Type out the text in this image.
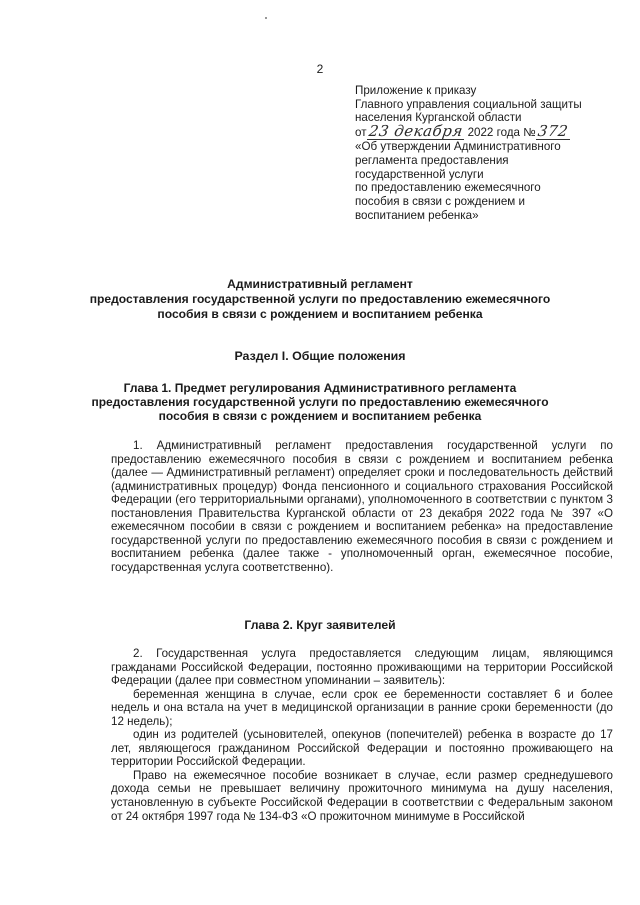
2
Приложение к приказу
Главного управления социальной защиты
населения Курганской области
от23 декабря 2022 года №372
«Об утверждении Административного
регламента предоставления
государственной услуги
по предоставлению ежемесячного
пособия в связи с рождением и
воспитанием ребенка»
Административный регламент
предоставления государственной услуги по предоставлению ежемесячного
пособия в связи с рождением и воспитанием ребенка
Раздел I. Общие положения
Глава 1. Предмет регулирования Административного регламента
предоставления государственной услуги по предоставлению ежемесячного
пособия в связи с рождением и воспитанием ребенка

1. Административный регламент предоставления государственной услуги по предоставлению ежемесячного пособия в связи с рождением и воспитанием ребенка (далее — Административный регламент) определяет сроки и последовательность действий (административных процедур) Фонда пенсионного и социального страхования Российской Федерации (его территориальными органами), уполномоченного в соответствии с пунктом 3 постановления Правительства Курганской области от 23 декабря 2022 года № 397 «О ежемесячном пособии в связи с рождением и воспитанием ребенка» на предоставление государственной услуги по предоставлению ежемесячного пособия в связи с рождением и воспитанием ребенка (далее также - уполномоченный орган, ежемесячное пособие, государственная услуга соответственно).

Глава 2. Круг заявителей

2. Государственная услуга предоставляется следующим лицам, являющимся гражданами Российской Федерации, постоянно проживающими на территории Российской Федерации (далее при совместном упоминании – заявитель):

беременная женщина в случае, если срок ее беременности составляет 6 и более недель и она встала на учет в медицинской организации в ранние сроки беременности (до 12 недель);

один из родителей (усыновителей, опекунов (попечителей) ребенка в возрасте до 17 лет, являющегося гражданином Российской Федерации и постоянно проживающего на территории Российской Федерации.

Право на ежемесячное пособие возникает в случае, если размер среднедушевого дохода семьи не превышает величину прожиточного минимума на душу населения, установленную в субъекте Российской Федерации в соответствии с Федеральным законом от 24 октября 1997 года № 134-ФЗ «О прожиточном минимуме в Российской
